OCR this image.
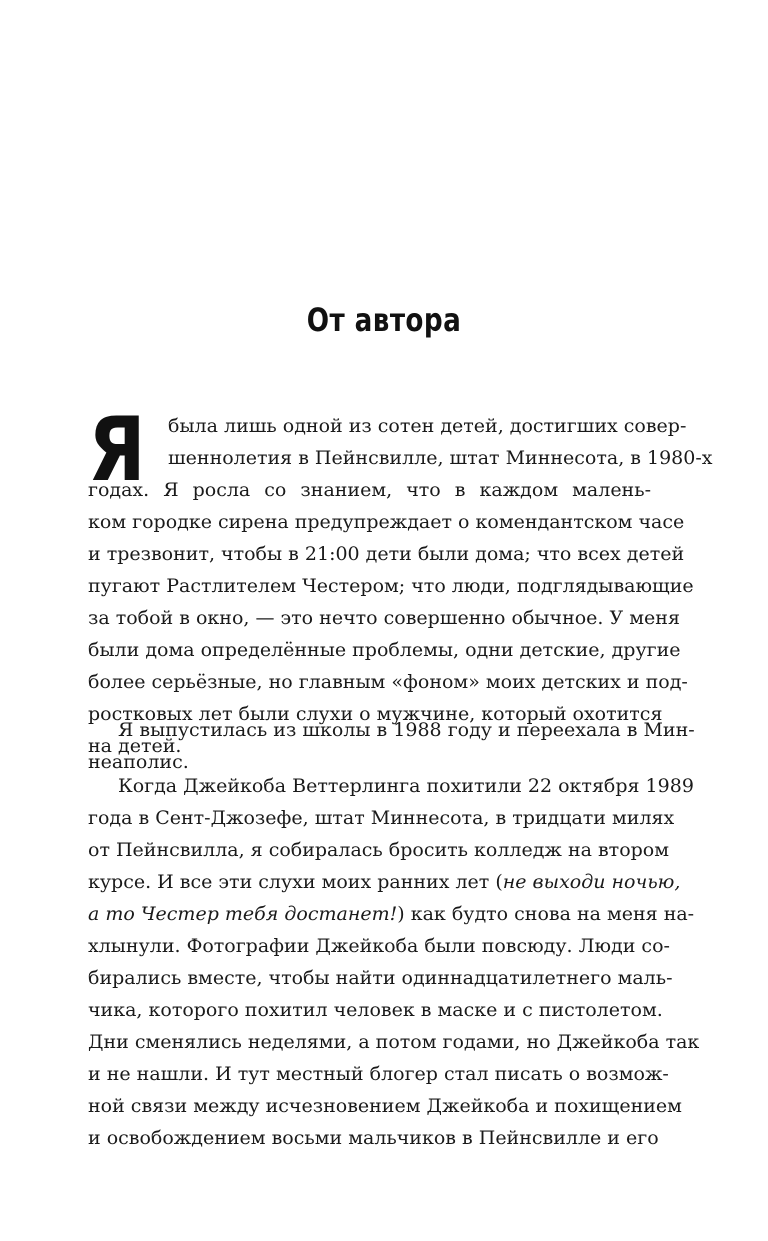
От автора
Я	была лишь одной из сотен детей, достигших совер-
шеннолетия в Пейнсвилле, штат Миннесота, в 1980-х
годах. Я росла со знанием, что в каждом малень-
ком городке сирена предупреждает о комендантском часе
и трезвонит, чтобы в 21:00 дети были дома; что всех детей
пугают Растлителем Честером; что люди, подглядывающие
за тобой в окно, — это нечто совершенно обычное. У меня
были дома определённые проблемы, одни детские, другие
более серьёзные, но главным «фоном» моих детских и под-
ростковых лет были слухи о мужчине, который охотится
на детей.
Я выпустилась из школы в 1988 году и переехала в Мин-
неаполис.
Когда Джейкоба Веттерлинга похитили 22 октября 1989
года в Сент-Джозефе, штат Миннесота, в тридцати милях
от Пейнсвилла, я собиралась бросить колледж на втором
курсе. И все эти слухи моих ранних лет (не выходи ночью,
а то Честер тебя достанет!) как будто снова на меня на-
хлынули. Фотографии Джейкоба были повсюду. Люди со-
бирались вместе, чтобы найти одиннадцатилетнего маль-
чика, которого похитил человек в маске и с пистолетом.
Дни сменялись неделями, а потом годами, но Джейкоба так
и не нашли. И тут местный блогер стал писать о возмож-
ной связи между исчезновением Джейкоба и похищением
и освобождением восьми мальчиков в Пейнсвилле и его
